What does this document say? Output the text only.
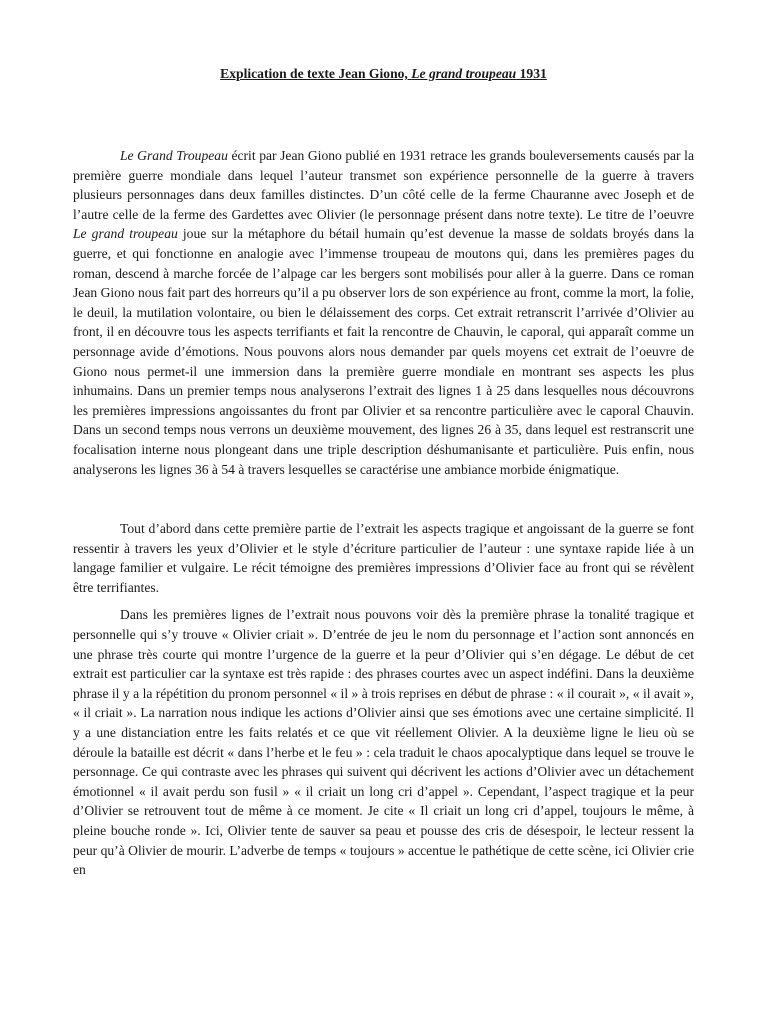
Explication de texte Jean Giono, Le grand troupeau 1931

Le Grand Troupeau écrit par Jean Giono publié en 1931 retrace les grands bouleversements causés par la première guerre mondiale dans lequel l’auteur transmet son expérience personnelle de la guerre à travers plusieurs personnages dans deux familles distinctes. D’un côté celle de la ferme Chauranne avec Joseph et de l’autre celle de la ferme des Gardettes avec Olivier (le personnage présent dans notre texte). Le titre de l’oeuvre Le grand troupeau joue sur la métaphore du bétail humain qu’est devenue la masse de soldats broyés dans la guerre, et qui fonctionne en analogie avec l’immense troupeau de moutons qui, dans les premières pages du roman, descend à marche forcée de l’alpage car les bergers sont mobilisés pour aller à la guerre. Dans ce roman Jean Giono nous fait part des horreurs qu’il a pu observer lors de son expérience au front, comme la mort, la folie, le deuil, la mutilation volontaire, ou bien le délaissement des corps. Cet extrait retranscrit l’arrivée d’Olivier au front, il en découvre tous les aspects terrifiants et fait la rencontre de Chauvin, le caporal, qui apparaît comme un personnage avide d’émotions. Nous pouvons alors nous demander par quels moyens cet extrait de l’oeuvre de Giono nous permet-il une immersion dans la première guerre mondiale en montrant ses aspects les plus inhumains. Dans un premier temps nous analyserons l’extrait des lignes 1 à 25 dans lesquelles nous découvrons les premières impressions angoissantes du front par Olivier et sa rencontre particulière avec le caporal Chauvin. Dans un second temps nous verrons un deuxième mouvement, des lignes 26 à 35, dans lequel est restranscrit une focalisation interne nous plongeant dans une triple description déshumanisante et particulière. Puis enfin, nous analyserons les lignes 36 à 54 à travers lesquelles se caractérise une ambiance morbide énigmatique.

Tout d’abord dans cette première partie de l’extrait les aspects tragique et angoissant de la guerre se font ressentir à travers les yeux d’Olivier et le style d’écriture particulier de l’auteur : une syntaxe rapide liée à un langage familier et vulgaire. Le récit témoigne des premières impressions d’Olivier face au front qui se révèlent être terrifiantes.

Dans les premières lignes de l’extrait nous pouvons voir dès la première phrase la tonalité tragique et personnelle qui s’y trouve « Olivier criait ». D’entrée de jeu le nom du personnage et l’action sont annoncés en une phrase très courte qui montre l’urgence de la guerre et la peur d’Olivier qui s’en dégage. Le début de cet extrait est particulier car la syntaxe est très rapide : des phrases courtes avec un aspect indéfini. Dans la deuxième phrase il y a la répétition du pronom personnel « il » à trois reprises en début de phrase : « il courait », « il avait », « il criait ». La narration nous indique les actions d’Olivier ainsi que ses émotions avec une certaine simplicité. Il y a une distanciation entre les faits relatés et ce que vit réellement Olivier. A la deuxième ligne le lieu où se déroule la bataille est décrit « dans l’herbe et le feu » : cela traduit le chaos apocalyptique dans lequel se trouve le personnage. Ce qui contraste avec les phrases qui suivent qui décrivent les actions d’Olivier avec un détachement émotionnel « il avait perdu son fusil » « il criait un long cri d’appel ». Cependant, l’aspect tragique et la peur d’Olivier se retrouvent tout de même à ce moment. Je cite « Il criait un long cri d’appel, toujours le même, à pleine bouche ronde ». Ici, Olivier tente de sauver sa peau et pousse des cris de désespoir, le lecteur ressent la peur qu’à Olivier de mourir. L’adverbe de temps « toujours » accentue le pathétique de cette scène, ici Olivier crie en
